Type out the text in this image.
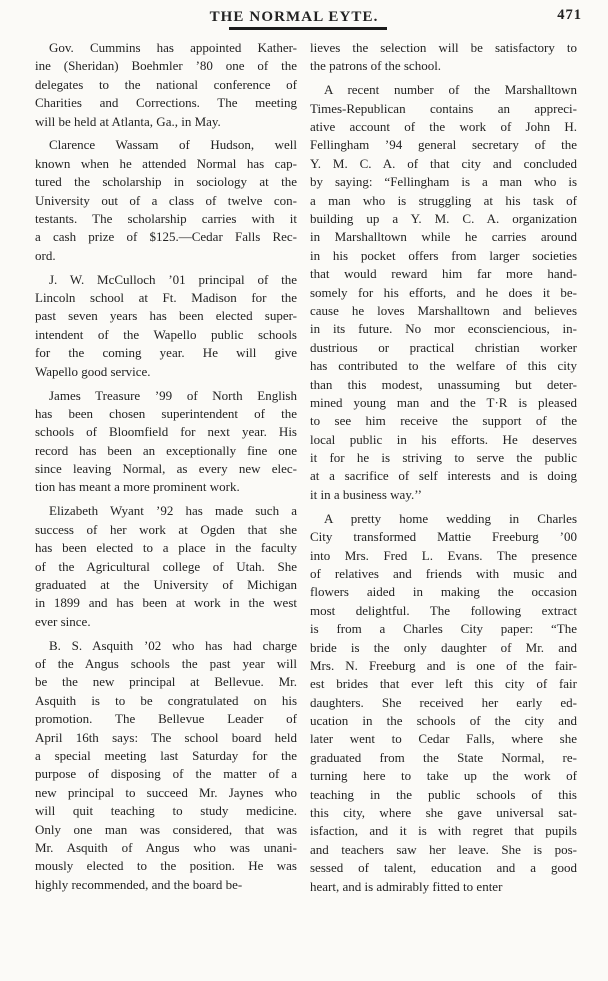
THE NORMAL EYTE.	471
Gov. Cummins has appointed Kather-
ine (Sheridan) Boehmler ’80 one of the
delegates to the national conference of
Charities and Corrections. The meeting
will be held at Atlanta, Ga., in May.
Clarence Wassam of Hudson, well
known when he attended Normal has cap-
tured the scholarship in sociology at the
University out of a class of twelve con-
testants. The scholarship carries with it
a cash prize of $125.—Cedar Falls Rec-
ord.
J. W. McCulloch ’01 principal of the
Lincoln school at Ft. Madison for the
past seven years has been elected super-
intendent of the Wapello public schools
for the coming year. He will give
Wapello good service.
James Treasure ’99 of North English
has been chosen superintendent of the
schools of Bloomfield for next year. His
record has been an exceptionally fine one
since leaving Normal, as every new elec-
tion has meant a more prominent work.
Elizabeth Wyant ’92 has made such a
success of her work at Ogden that she
has been elected to a place in the faculty
of the Agricultural college of Utah. She
graduated at the University of Michigan
in 1899 and has been at work in the west
ever since.
B. S. Asquith ’02 who has had charge
of the Angus schools the past year will
be the new principal at Bellevue. Mr.
Asquith is to be congratulated on his
promotion. The Bellevue Leader of
April 16th says: The school board held
a special meeting last Saturday for the
purpose of disposing of the matter of a
new principal to succeed Mr. Jaynes who
will quit teaching to study medicine.
Only one man was considered, that was
Mr. Asquith of Angus who was unani-
mously elected to the position. He was
highly recommended, and the board be-
lieves the selection will be satisfactory to
the patrons of the school.
A recent number of the Marshalltown
Times-Republican contains an appreci-
ative account of the work of John H.
Fellingham ’94 general secretary of the
Y. M. C. A. of that city and concluded
by saying: “Fellingham is a man who is
a man who is struggling at his task of
building up a Y. M. C. A. organization
in Marshalltown while he carries around
in his pocket offers from larger societies
that would reward him far more hand-
somely for his efforts, and he does it be-
cause he loves Marshalltown and believes
in its future. No mor econsciencious, in-
dustrious or practical christian worker
has contributed to the welfare of this city
than this modest, unassuming but deter-
mined young man and the T·R is pleased
to see him receive the support of the
local public in his efforts. He deserves
it for he is striving to serve the public
at a sacrifice of self interests and is doing
it in a business way.’’
A pretty home wedding in Charles
City transformed Mattie Freeburg ’00
into Mrs. Fred L. Evans. The presence
of relatives and friends with music and
flowers aided in making the occasion
most delightful. The following extract
is from a Charles City paper: “The
bride is the only daughter of Mr. and
Mrs. N. Freeburg and is one of the fair-
est brides that ever left this city of fair
daughters. She received her early ed-
ucation in the schools of the city and
later went to Cedar Falls, where she
graduated from the State Normal, re-
turning here to take up the work of
teaching in the public schools of this
this city, where she gave universal sat-
isfaction, and it is with regret that pupils
and teachers saw her leave. She is pos-
sessed of talent, education and a good
heart, and is admirably fitted to enter
